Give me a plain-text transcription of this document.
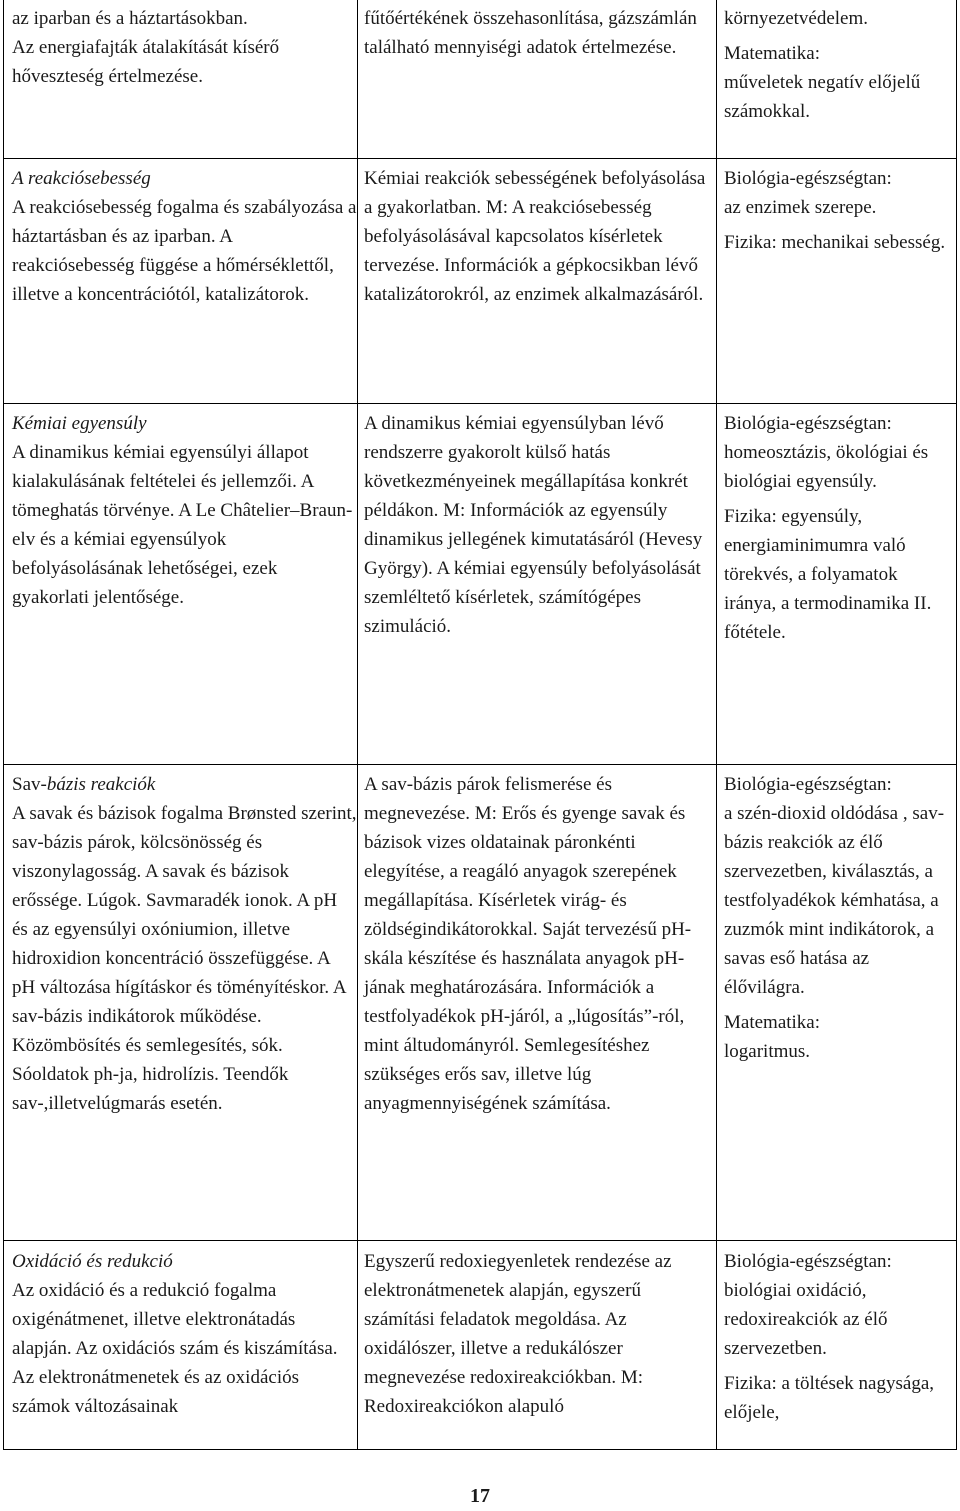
az iparban és a háztartásokban.

Az energiafajták átalakítását kísérő hőveszteség értelmezése.

fűtőértékének összehasonlítása, gázszámlán található mennyiségi adatok értelmezése.

környezetvédelem.

Matematika:

műveletek negatív előjelű számokkal.

A reakciósebesség

A reakciósebesség fogalma és szabályozása a háztartásban és az iparban. A reakciósebesség függése a hőmérséklettől, illetve a koncentrációtól, katalizátorok.

Kémiai reakciók sebességének befolyásolása a gyakorlatban. M: A reakciósebesség befolyásolásával kapcsolatos kísérletek tervezése. Információk a gépkocsikban lévő katalizátorokról, az enzimek alkalmazásáról.

Biológia-egészségtan:

az enzimek szerepe.

Fizika: mechanikai sebesség.

Kémiai egyensúly

A dinamikus kémiai egyensúlyi állapot kialakulásának feltételei és jellemzői. A tömeghatás törvénye. A Le Châtelier–Braun-elv és a kémiai egyensúlyok befolyásolásának lehetőségei, ezek gyakorlati jelentősége.

A dinamikus kémiai egyensúlyban lévő rendszerre gyakorolt külső hatás következményeinek megállapítása konkrét példákon. M: Információk az egyensúly dinamikus jellegének kimutatásáról (Hevesy György). A kémiai egyensúly befolyásolását szemléltető kísérletek, számítógépes szimuláció.

Biológia-egészségtan:

homeosztázis, ökológiai és biológiai egyensúly.

Fizika: egyensúly, energiaminimumra való törekvés, a folyamatok iránya, a termodinamika II. főtétele.

Sav-bázis reakciók

A savak és bázisok fogalma Brønsted szerint, sav-bázis párok, kölcsönösség és viszonylagosság. A savak és bázisok erőssége. Lúgok. Savmaradék ionok. A pH és az egyensúlyi oxóniumion, illetve hidroxidion koncentráció összefüggése. A pH változása hígításkor és töményítéskor. A sav-bázis indikátorok működése. Közömbösítés és semlegesítés, sók. Sóoldatok ph-ja, hidrolízis. Teendők sav-,illetvelúgmarás esetén.

A sav-bázis párok felismerése és megnevezése. M: Erős és gyenge savak és bázisok vizes oldatainak páronkénti elegyítése, a reagáló anyagok szerepének megállapítása. Kísérletek virág- és zöldségindikátorokkal. Saját tervezésű pH-skála készítése és használata anyagok pH-jának meghatározására. Információk a testfolyadékok pH-járól, a „lúgosítás”-ról, mint áltudományról. Semlegesítéshez szükséges erős sav, illetve lúg anyagmennyiségének számítása.

Biológia-egészségtan:

a szén-dioxid oldódása , sav-bázis reakciók az élő szervezetben, kiválasztás, a testfolyadékok kémhatása, a zuzmók mint indikátorok, a savas eső hatása az élővilágra.

Matematika:

logaritmus.

Oxidáció és redukció

Az oxidáció és a redukció fogalma oxigénátmenet, illetve elektronátadás alapján. Az oxidációs szám és kiszámítása. Az elektronátmenetek és az oxidációs számok változásainak

Egyszerű redoxiegyenletek rendezése az elektronátmenetek alapján, egyszerű számítási feladatok megoldása. Az oxidálószer, illetve a redukálószer megnevezése redoxireakciókban. M: Redoxireakciókon alapuló

Biológia-egészségtan:

biológiai oxidáció, redoxireakciók az élő szervezetben.

Fizika: a töltések nagysága, előjele,

17
